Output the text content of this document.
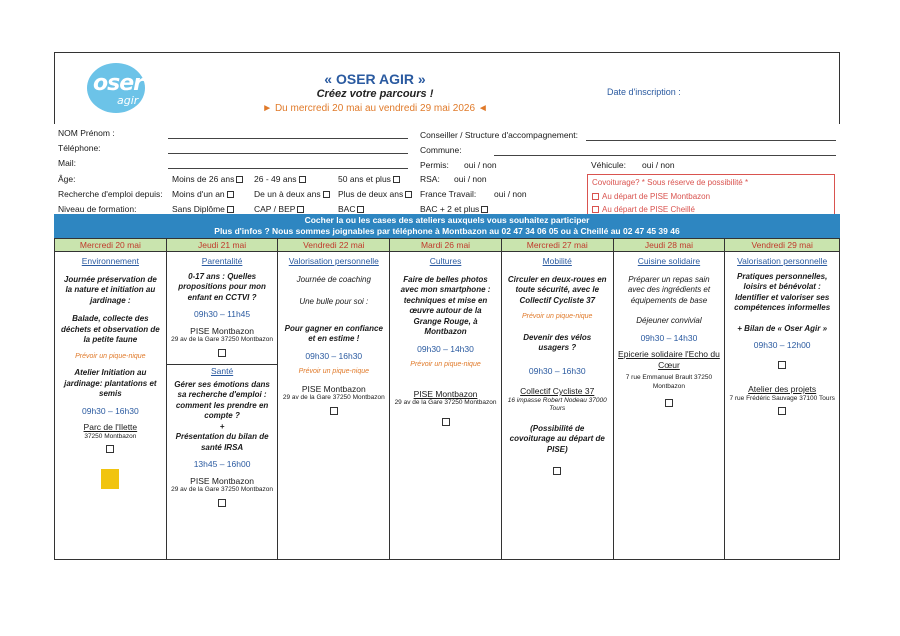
oser
agir
« OSER AGIR »
Créez votre parcours !
► Du mercredi 20 mai au vendredi 29 mai 2026 ◄
Date d'inscription :
NOM Prénom :
Téléphone:
Mail:
Conseiller / Structure d'accompagnement:
Commune:
Permis: oui / non	Véhicule: oui / non
Âge:	Moins de 26 ans	26 - 49 ans	50 ans et plus	RSA: oui / non
Recherche d'emploi depuis: Moins d'un an	De un à deux ans	Plus de deux ans	France Travail: oui / non
Niveau de formation:	Sans Diplôme	CAP / BEP	BAC	BAC + 2 et plus
Covoiturage? * Sous réserve de possibilité *
Au départ de PISE Montbazon
Au départ de PISE Cheillé
Cocher la ou les cases des ateliers auxquels vous souhaitez participer
Plus d'infos ? Nous sommes joignables par téléphone à Montbazon au 02 47 34 06 05 ou à Cheillé au 02 47 45 39 46
Mercredi 20 mai
Environnement
Journée préservation de la nature et initiation au jardinage :
Balade, collecte des déchets et observation de la petite faune
Prévoir un pique-nique
Atelier Initiation au jardinage: plantations et semis
09h30 – 16h30
Parc de l'Ilette
37250 Montbazon
Jeudi 21 mai
Parentalité
0-17 ans : Quelles propositions pour mon enfant en CCTVI ?
09h30 – 11h45
PISE Montbazon
29 av de la Gare 37250 Montbazon
Santé
Gérer ses émotions dans sa recherche d'emploi : comment les prendre en compte ?
+
Présentation du bilan de santé IRSA
13h45 – 16h00
PISE Montbazon
29 av de la Gare 37250 Montbazon
Vendredi 22 mai
Valorisation personnelle
Journée de coaching
Une bulle pour soi :
Pour gagner en confiance et en estime !
09h30 – 16h30
Prévoir un pique-nique
PISE Montbazon
29 av de la Gare 37250 Montbazon
Mardi 26 mai
Cultures
Faire de belles photos avec mon smartphone : techniques et mise en œuvre autour de la Grange Rouge, à Montbazon
09h30 – 14h30
Prévoir un pique-nique
PISE Montbazon
29 av de la Gare 37250 Montbazon
Mercredi 27 mai
Mobilité
Circuler en deux-roues en toute sécurité, avec le Collectif Cycliste 37
Prévoir un pique-nique
Devenir des vélos usagers ?
09h30 – 16h30
Collectif Cycliste 37
16 impasse Robert Nodeau 37000 Tours
(Possibilité de covoiturage au départ de PISE)
Jeudi 28 mai
Cuisine solidaire
Préparer un repas sain avec des ingrédients et équipements de base
Déjeuner convivial
09h30 – 14h30
Epicerie solidaire l'Echo du Cœur
7 rue Emmanuel Brault 37250 Montbazon
Vendredi 29 mai
Valorisation personnelle
Pratiques personnelles, loisirs et bénévolat : Identifier et valoriser ses compétences informelles
+ Bilan de « Oser Agir »
09h30 – 12h00
Atelier des projets
7 rue Frédéric Sauvage 37100 Tours
